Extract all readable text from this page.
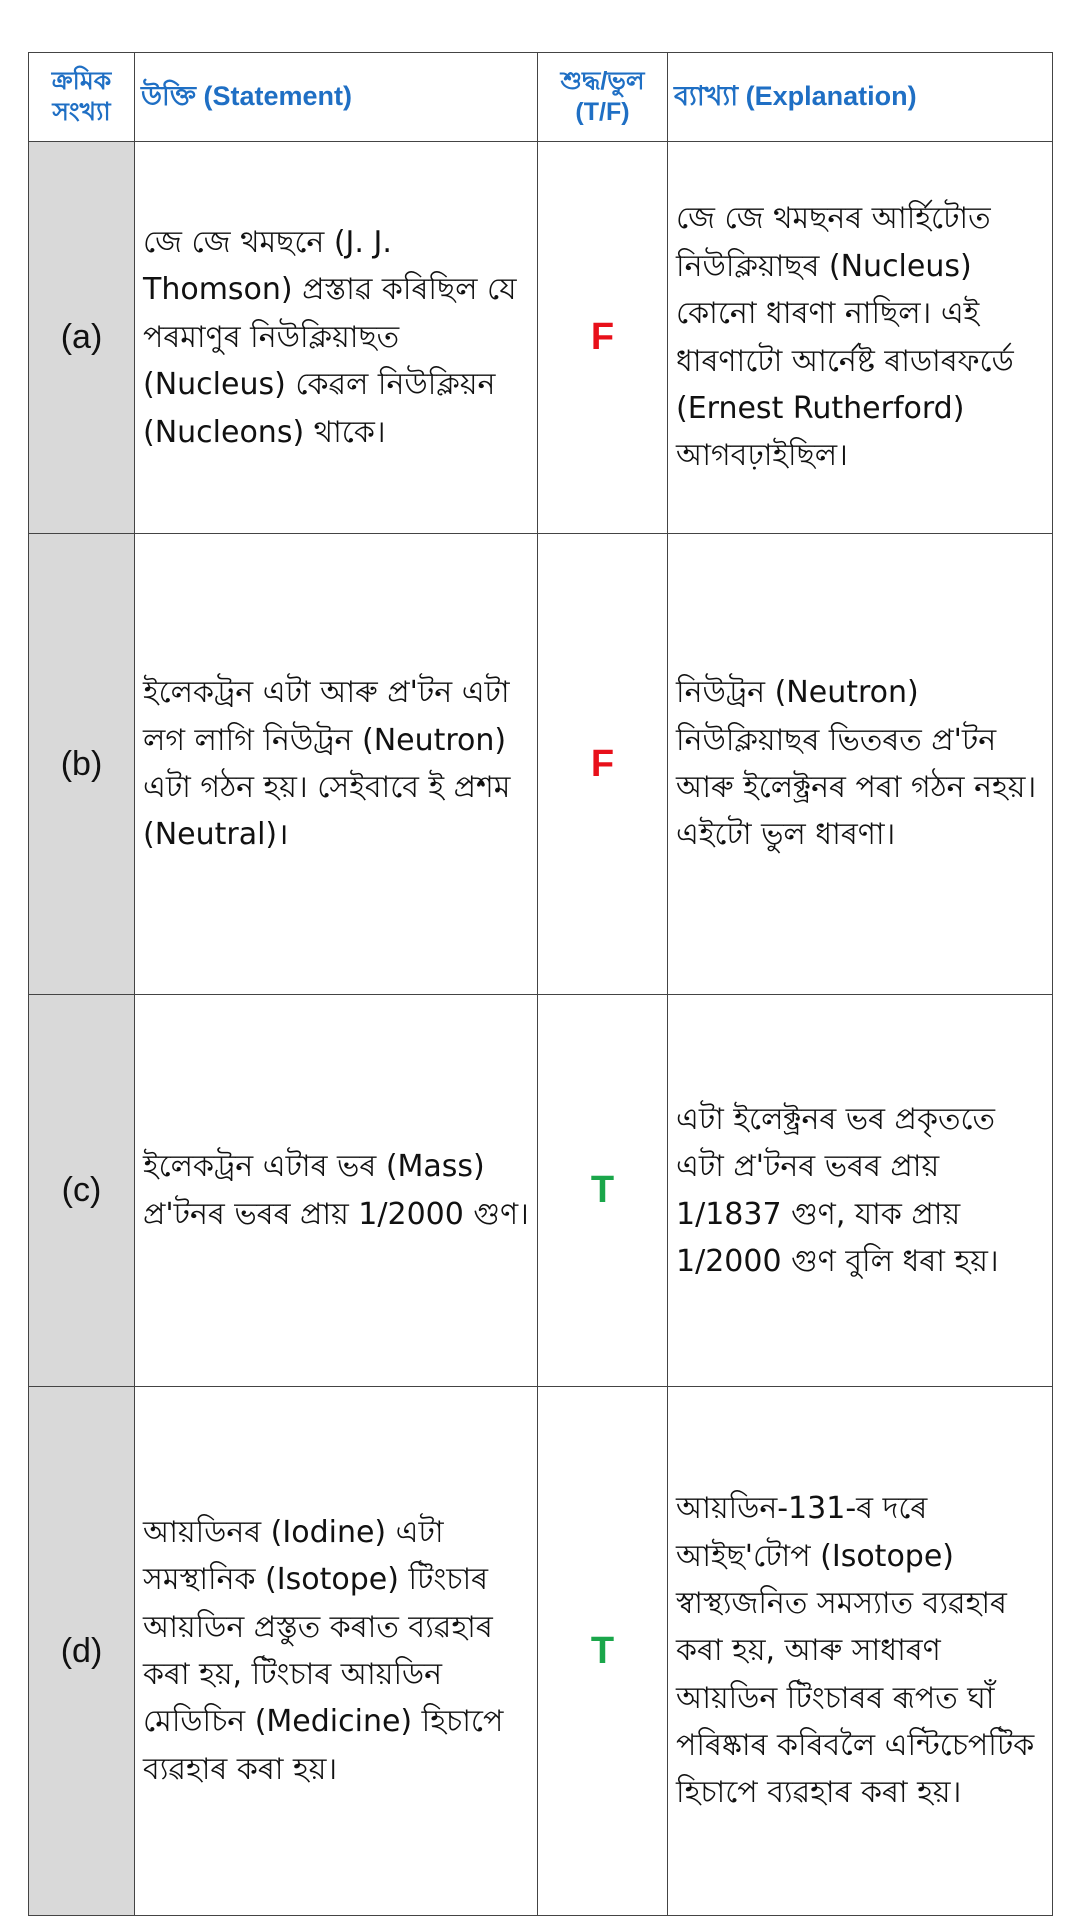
ক্রমিক সংখ্যা	উক্তি (Statement)	শুদ্ধ/ভুল (T/F)	ব্যাখ্যা (Explanation)
(a)	জে জে থমছনে (J. J. Thomson) প্ৰস্তাৱ কৰিছিল যে পৰমাণুৰ নিউক্লিয়াছত (Nucleus) কেৱল নিউক্লিয়ন (Nucleons) থাকে।	F	জে জে থমছনৰ আৰ্হিটোত নিউক্লিয়াছৰ (Nucleus) কোনো ধাৰণা নাছিল। এই ধাৰণাটো আৰ্নেষ্ট ৰাডাৰফৰ্ডে (Ernest Rutherford) আগবঢ়াইছিল।
(b)	ইলেকট্ৰন এটা আৰু প্ৰ'টন এটা লগ লাগি নিউট্ৰন (Neutron) এটা গঠন হয়। সেইবাবে ই প্ৰশম (Neutral)।	F	নিউট্ৰন (Neutron) নিউক্লিয়াছৰ ভিতৰত প্ৰ'টন আৰু ইলেক্ট্ৰনৰ পৰা গঠন নহয়। এইটো ভুল ধাৰণা।
(c)	ইলেকট্ৰন এটাৰ ভৰ (Mass) প্ৰ'টনৰ ভৰৰ প্ৰায় 1/2000 গুণ।	T	এটা ইলেক্ট্ৰনৰ ভৰ প্ৰকৃততে এটা প্ৰ'টনৰ ভৰৰ প্ৰায় 1/1837 গুণ, যাক প্ৰায় 1/2000 গুণ বুলি ধৰা হয়।
(d)	আয়ডিনৰ (Iodine) এটা সমস্থানিক (Isotope) টিংচাৰ আয়ডিন প্ৰস্তুত কৰাত ব্যৱহাৰ কৰা হয়, টিংচাৰ আয়ডিন মেডিচিন (Medicine) হিচাপে ব্যৱহাৰ কৰা হয়।	T	আয়ডিন-131-ৰ দৰে আইছ'টোপ (Isotope) স্বাস্থ্যজনিত সমস্যাত ব্যৱহাৰ কৰা হয়, আৰু সাধাৰণ আয়ডিন টিংচাৰৰ ৰূপত ঘাঁ পৰিষ্কাৰ কৰিবলৈ এন্টিচেপটিক হিচাপে ব্যৱহাৰ কৰা হয়।
